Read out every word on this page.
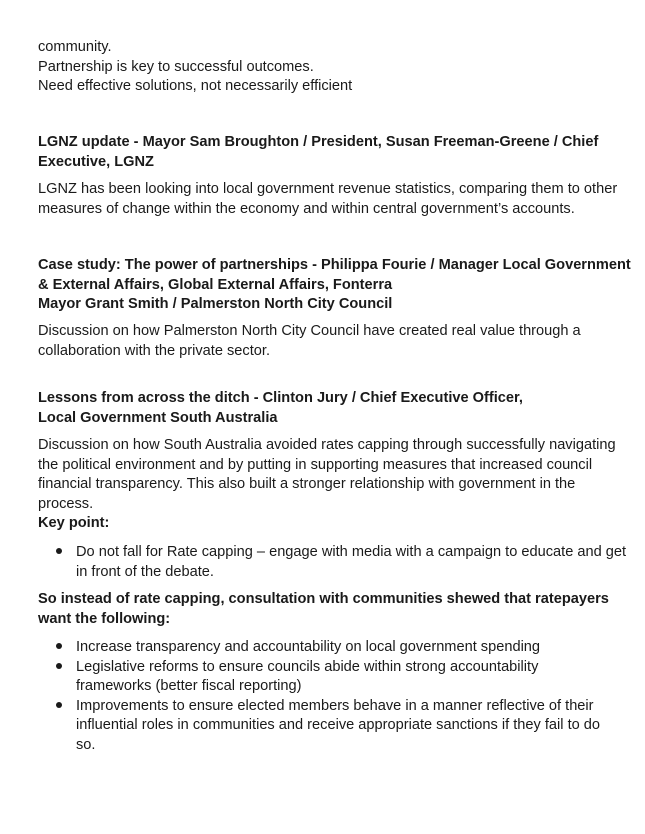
community.
Partnership is key to successful outcomes.
Need effective solutions, not necessarily efficient
LGNZ update - Mayor Sam Broughton / President, Susan Freeman-Greene / Chief
Executive, LGNZ
LGNZ has been looking into local government revenue statistics, comparing them to other
measures of change within the economy and within central government’s accounts.
Case study: The power of partnerships - Philippa Fourie / Manager Local Government
& External Affairs, Global External Affairs, Fonterra
Mayor Grant Smith / Palmerston North City Council
Discussion on how Palmerston North City Council have created real value through a
collaboration with the private sector.
Lessons from across the ditch - Clinton Jury / Chief Executive Officer,
Local Government South Australia
Discussion on how South Australia avoided rates capping through successfully navigating
the political environment and by putting in supporting measures that increased council
financial transparency. This also built a stronger relationship with government in the
process.
Key point:
Do not fall for Rate capping – engage with media with a campaign to educate and get
in front of the debate.
So instead of rate capping, consultation with communities shewed that ratepayers
want the following:
Increase transparency and accountability on local government spending
Legislative reforms to ensure councils abide within strong accountability
frameworks (better fiscal reporting)
Improvements to ensure elected members behave in a manner reflective of their
influential roles in communities and receive appropriate sanctions if they fail to do
so.
